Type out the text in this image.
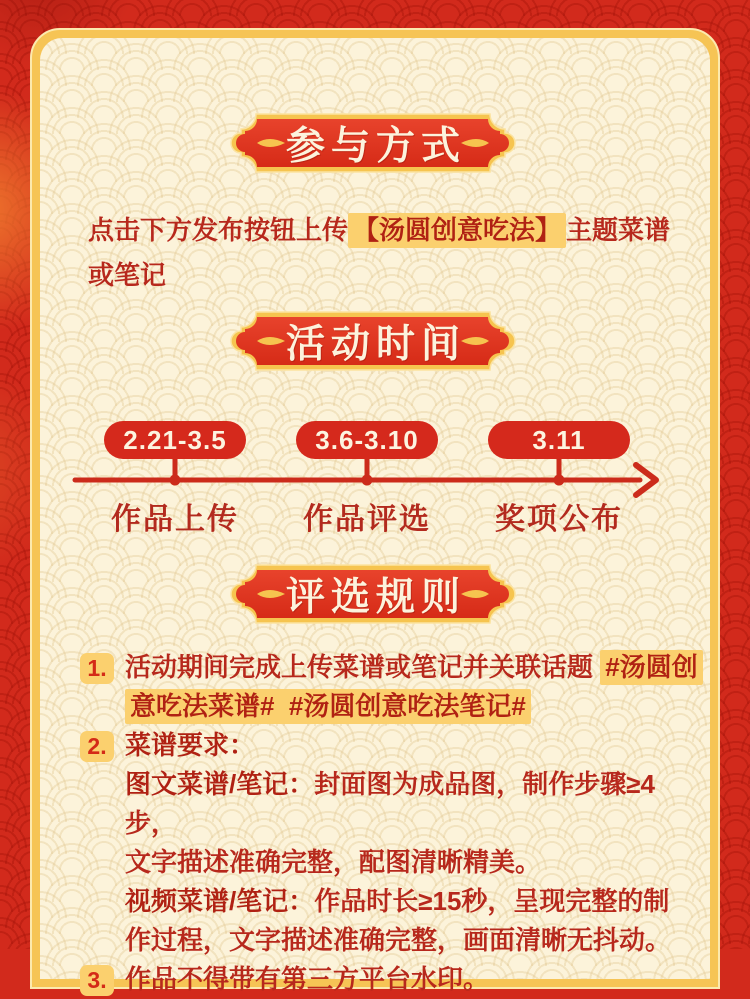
参与方式
点击下方发布按钮上传 【汤圆创意吃法】 主题菜谱
或笔记
活动时间
2.21-3.5	3.6-3.10	3.11
作品上传	作品评选	奖项公布
评选规则
1. 活动期间完成上传菜谱或笔记并关联话题 #汤圆创
意吃法菜谱#  #汤圆创意吃法笔记#
2. 菜谱要求：
图文菜谱/笔记：封面图为成品图，制作步骤≥4步，
文字描述准确完整，配图清晰精美。
视频菜谱/笔记：作品时长≥15秒，呈现完整的制
作过程，文字描述准确完整，画面清晰无抖动。
3. 作品不得带有第三方平台水印。
